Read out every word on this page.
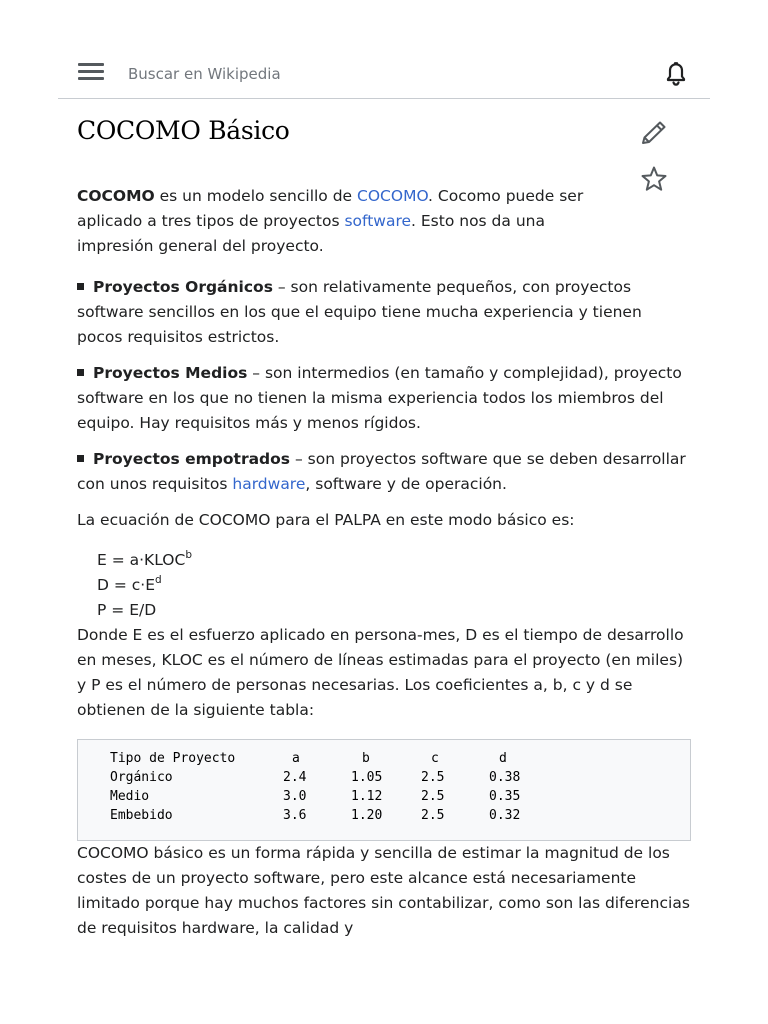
Buscar en Wikipedia
COCOMO Básico

COCOMO es un modelo sencillo de COCOMO. Cocomo puede ser aplicado a tres tipos de proyectos software. Esto nos da una impresión general del proyecto.

Proyectos Orgánicos – son relativamente pequeños, con proyectos software sencillos en los que el equipo tiene mucha experiencia y tienen pocos requisitos estrictos.
Proyectos Medios – son intermedios (en tamaño y complejidad), proyecto software en los que no tienen la misma experiencia todos los miembros del equipo. Hay requisitos más y menos rígidos.
Proyectos empotrados – son proyectos software que se deben desarrollar con unos requisitos hardware, software y de operación.

La ecuación de COCOMO para el PALPA en este modo básico es:

$E = a\cdot KLOC^b$
$D = c\cdot E^d$
P = E/D

Donde E es el esfuerzo aplicado en persona-mes, D es el tiempo de desarrollo en meses, KLOC es el número de líneas estimadas para el proyecto (en miles) y P es el número de personas necesarias. Los coeficientes a, b, c y d se obtienen de la siguiente tabla:

Tipo de Proyecto	a	b	c	d
Orgánico	2.4	1.05	2.5	0.38
Medio	3.0	1.12	2.5	0.35
Embebido	3.6	1.20	2.5	0.32

COCOMO básico es un forma rápida y sencilla de estimar la magnitud de los costes de un proyecto software, pero este alcance está necesariamente limitado porque hay muchos factores sin contabilizar, como son las diferencias de requisitos hardware, la calidad y
